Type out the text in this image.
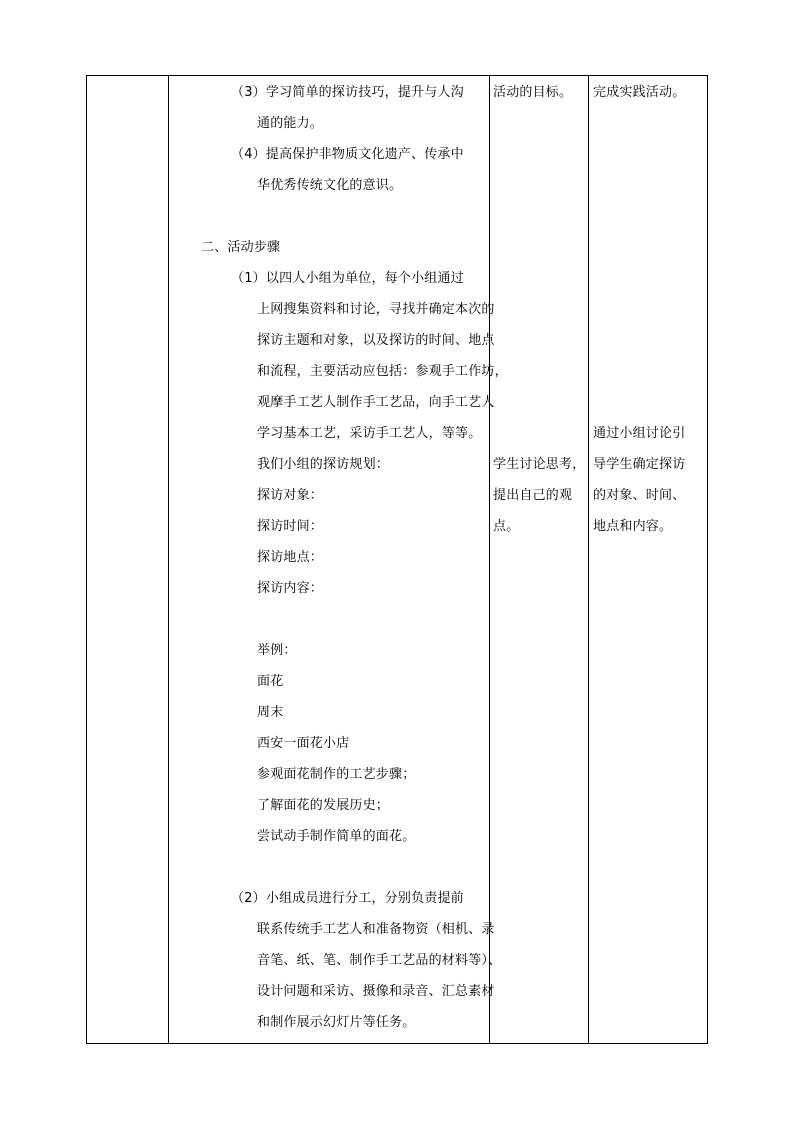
（3）学习简单的探访技巧，提升与人沟

通的能力。

（4）提高保护非物质文化遗产、传承中

华优秀传统文化的意识。

二、活动步骤

（1）以四人小组为单位，每个小组通过

上网搜集资料和讨论，寻找并确定本次的

探访主题和对象，以及探访的时间、地点

和流程，主要活动应包括：参观手工作坊，

观摩手工艺人制作手工艺品，向手工艺人

学习基本工艺，采访手工艺人，等等。

我们小组的探访规划：

探访对象：

探访时间：

探访地点：

探访内容：

举例：

面花

周末

西安一面花小店

参观面花制作的工艺步骤；

了解面花的发展历史；

尝试动手制作简单的面花。

（2）小组成员进行分工，分别负责提前

联系传统手工艺人和准备物资（相机、录

音笔、纸、笔、制作手工艺品的材料等）、

设计问题和采访、摄像和录音、汇总素材

和制作展示幻灯片等任务。

活动的目标。

学生讨论思考，

提出自己的观

点。

完成实践活动。

通过小组讨论引

导学生确定探访

的对象、时间、

地点和内容。
